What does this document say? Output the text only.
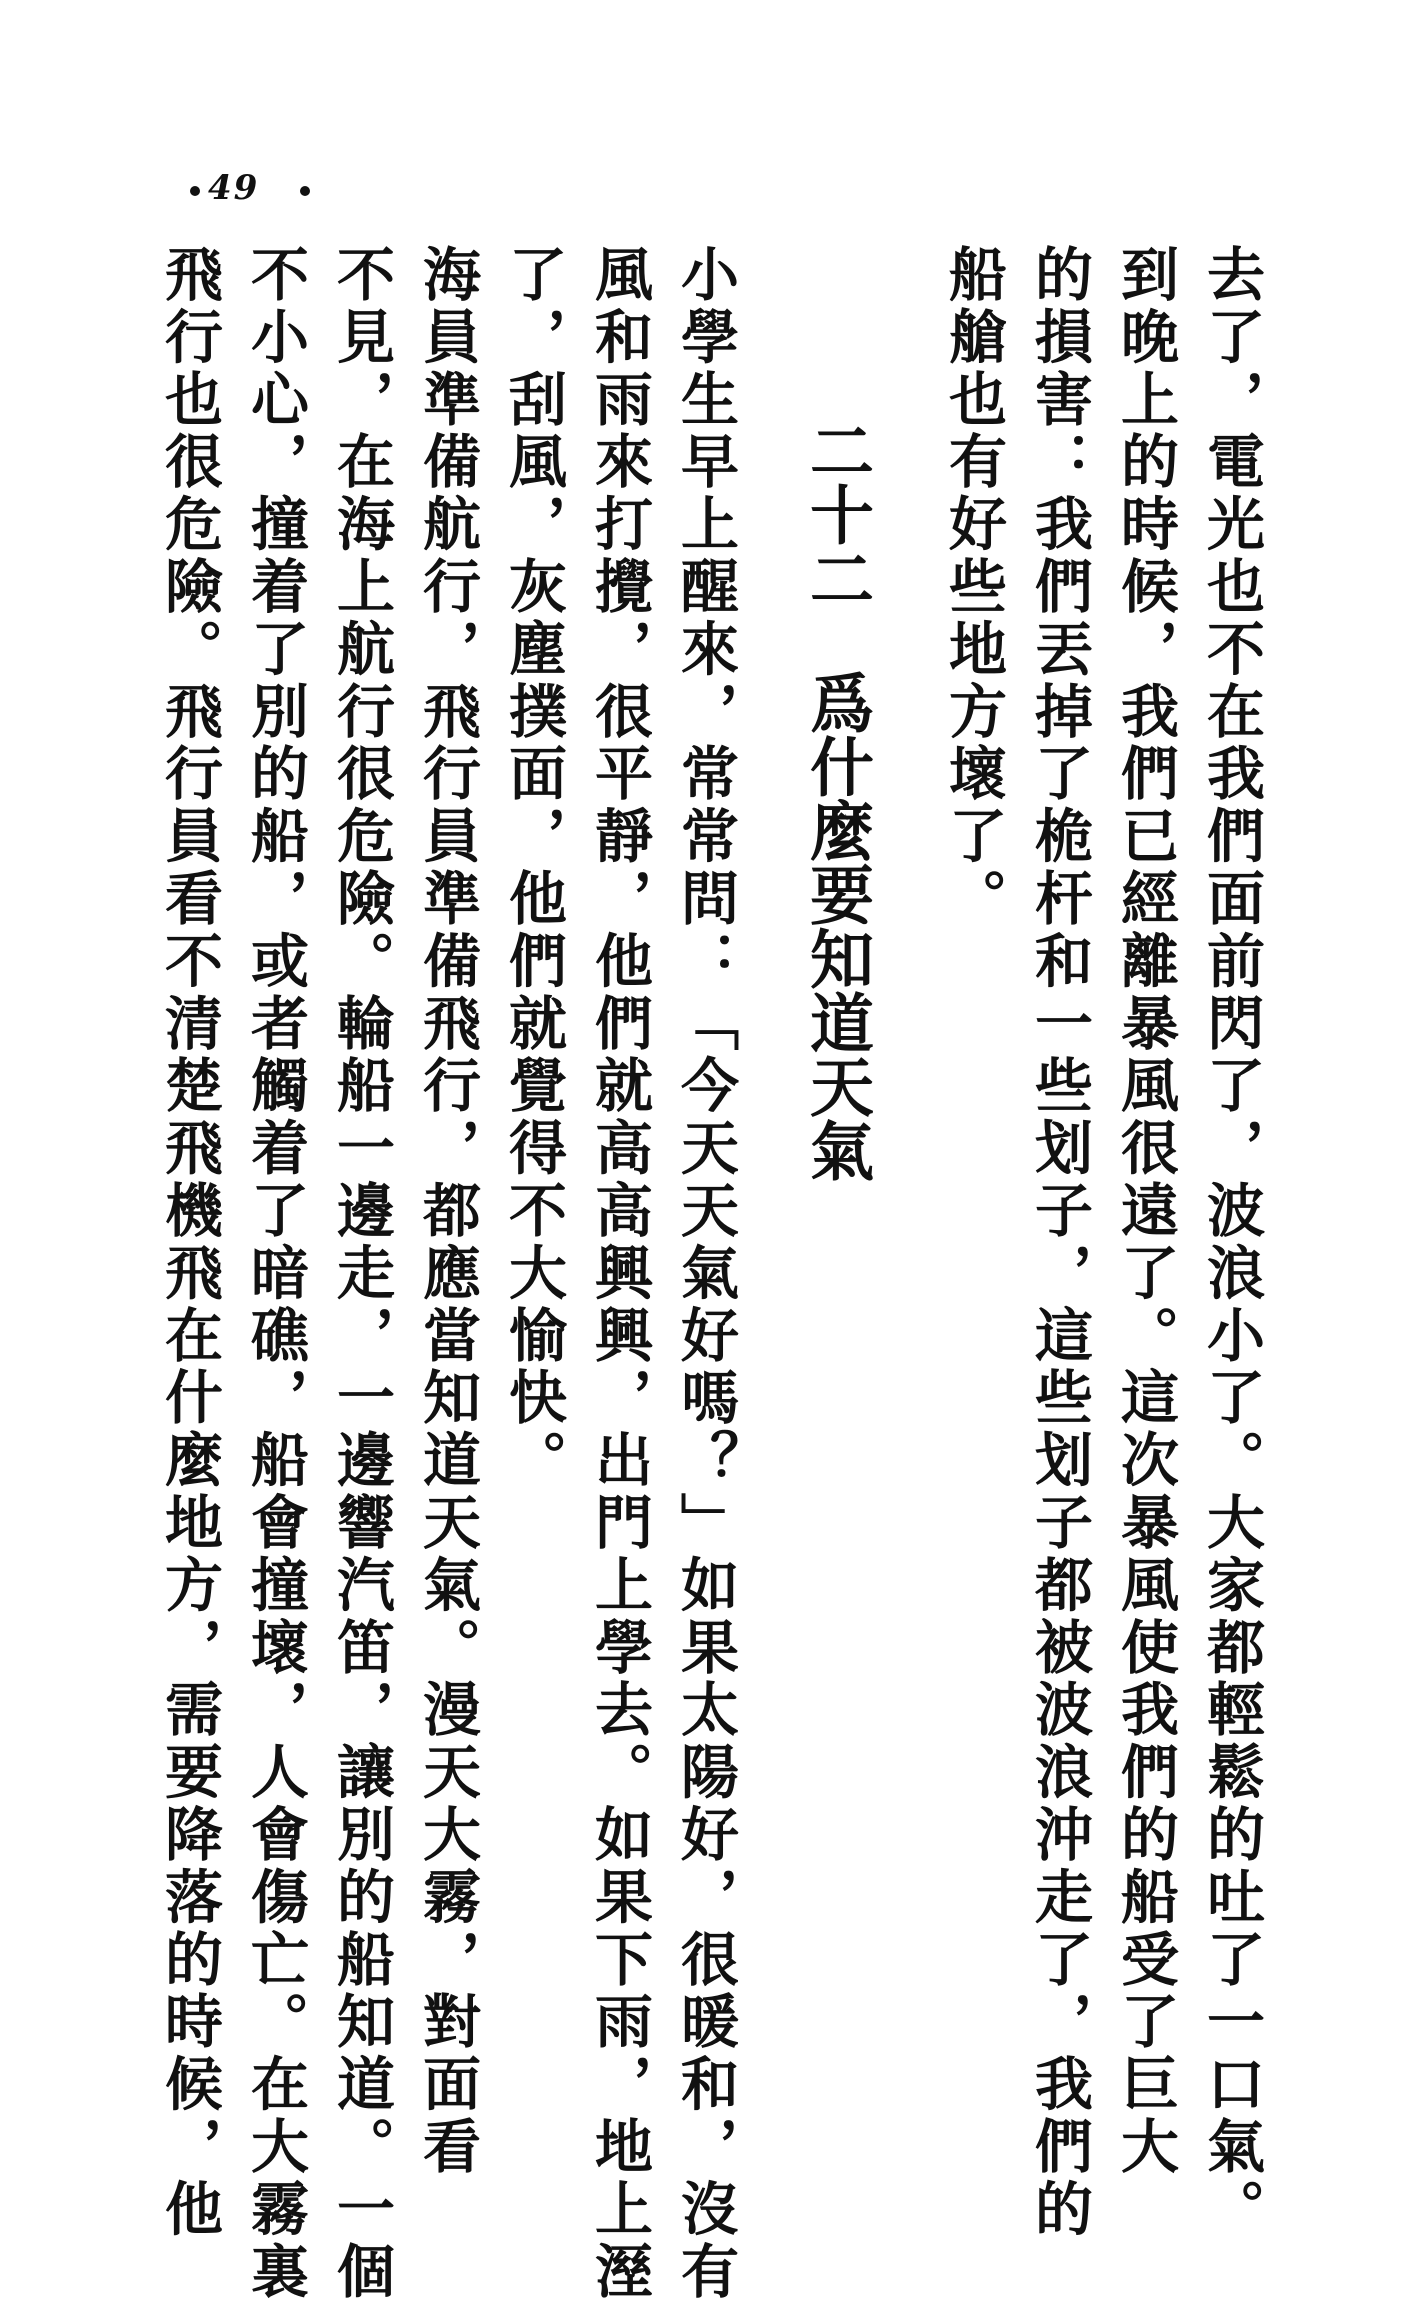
49
去了，電光也不在我們面前閃了，波浪小了。大家都輕鬆的吐了一口氣。
到晚上的時候，我們已經離暴風很遠了。這次暴風使我們的船受了巨大
的損害：我們丟掉了桅杆和一些划子，這些划子都被波浪沖走了，我們的
船艙也有好些地方壞了。
二十二爲什麼要知道天氣
小學生早上醒來，常常問：「今天天氣好嗎？」如果太陽好，很暖和，沒有
風和雨來打攪，很平靜，他們就高高興興，出門上學去。如果下雨，地上溼
了，刮風，灰塵撲面，他們就覺得不大愉快。
海員準備航行，飛行員準備飛行，都應當知道天氣。漫天大霧，對面看
不見，在海上航行很危險。輪船一邊走，一邊響汽笛，讓別的船知道。一個
不小心，撞着了別的船，或者觸着了暗礁，船會撞壞，人會傷亡。在大霧裏
飛行也很危險。飛行員看不清楚飛機飛在什麼地方，需要降落的時候，他
